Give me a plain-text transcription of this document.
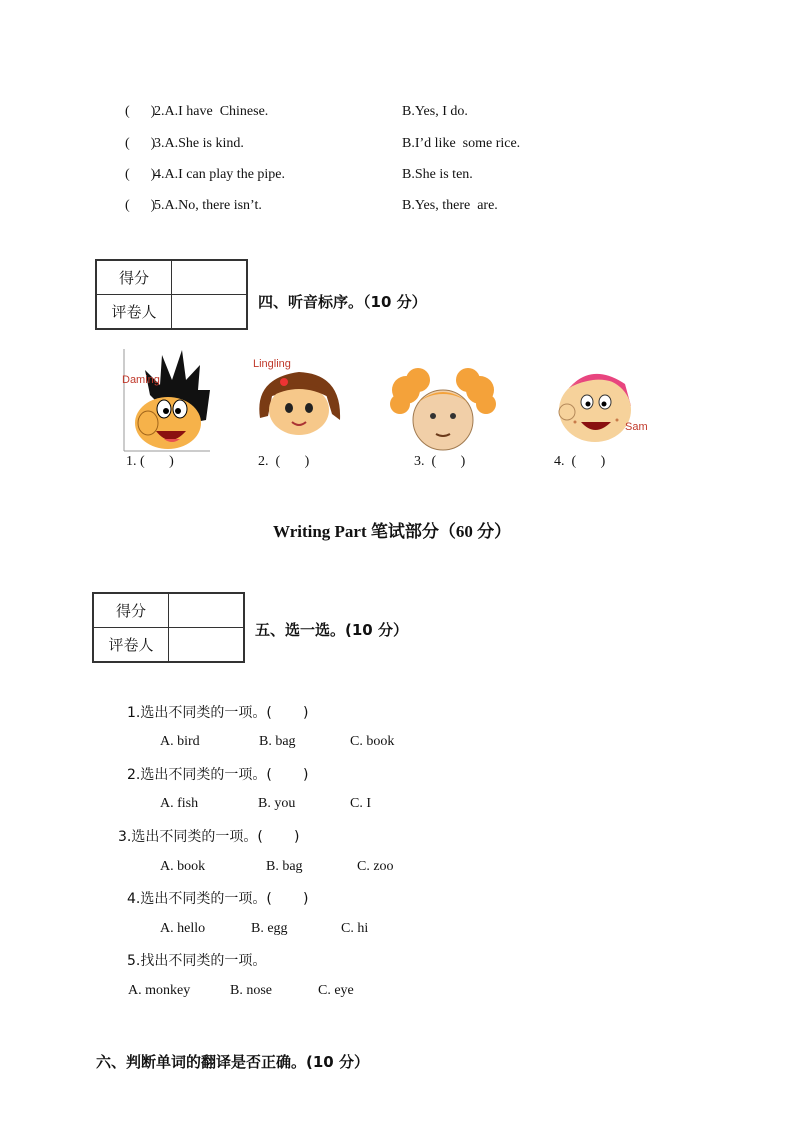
(      )
2.A.I have  Chinese.	B.Yes, I do.
(      )
3.A.She is kind.	B.I’d like  some rice.
(      )
4.A.I can play the pipe.	B.She is ten.
(      )
5.A.No, there isn’t.	B.Yes, there  are.
得分	
评卷人	
四、听音标序。（10 分）
Daming
Lingling
Sam
1. (       )	2.  (       )	3.  (       )	4.  (       )
Writing Part 笔试部分（60 分）
得分	
评卷人	
五、选一选。(10 分）
1.选出不同类的一项。(       )
A. bird	B. bag	C. book
2.选出不同类的一项。(       )
A. fish	B. you	C. I
3.选出不同类的一项。(       )
A. book	B. bag	C. zoo
4.选出不同类的一项。(       )
A. hello	B. egg	C. hi
5.找出不同类的一项。
A. monkey	B. nose	C. eye
六、判断单词的翻译是否正确。(10 分）
